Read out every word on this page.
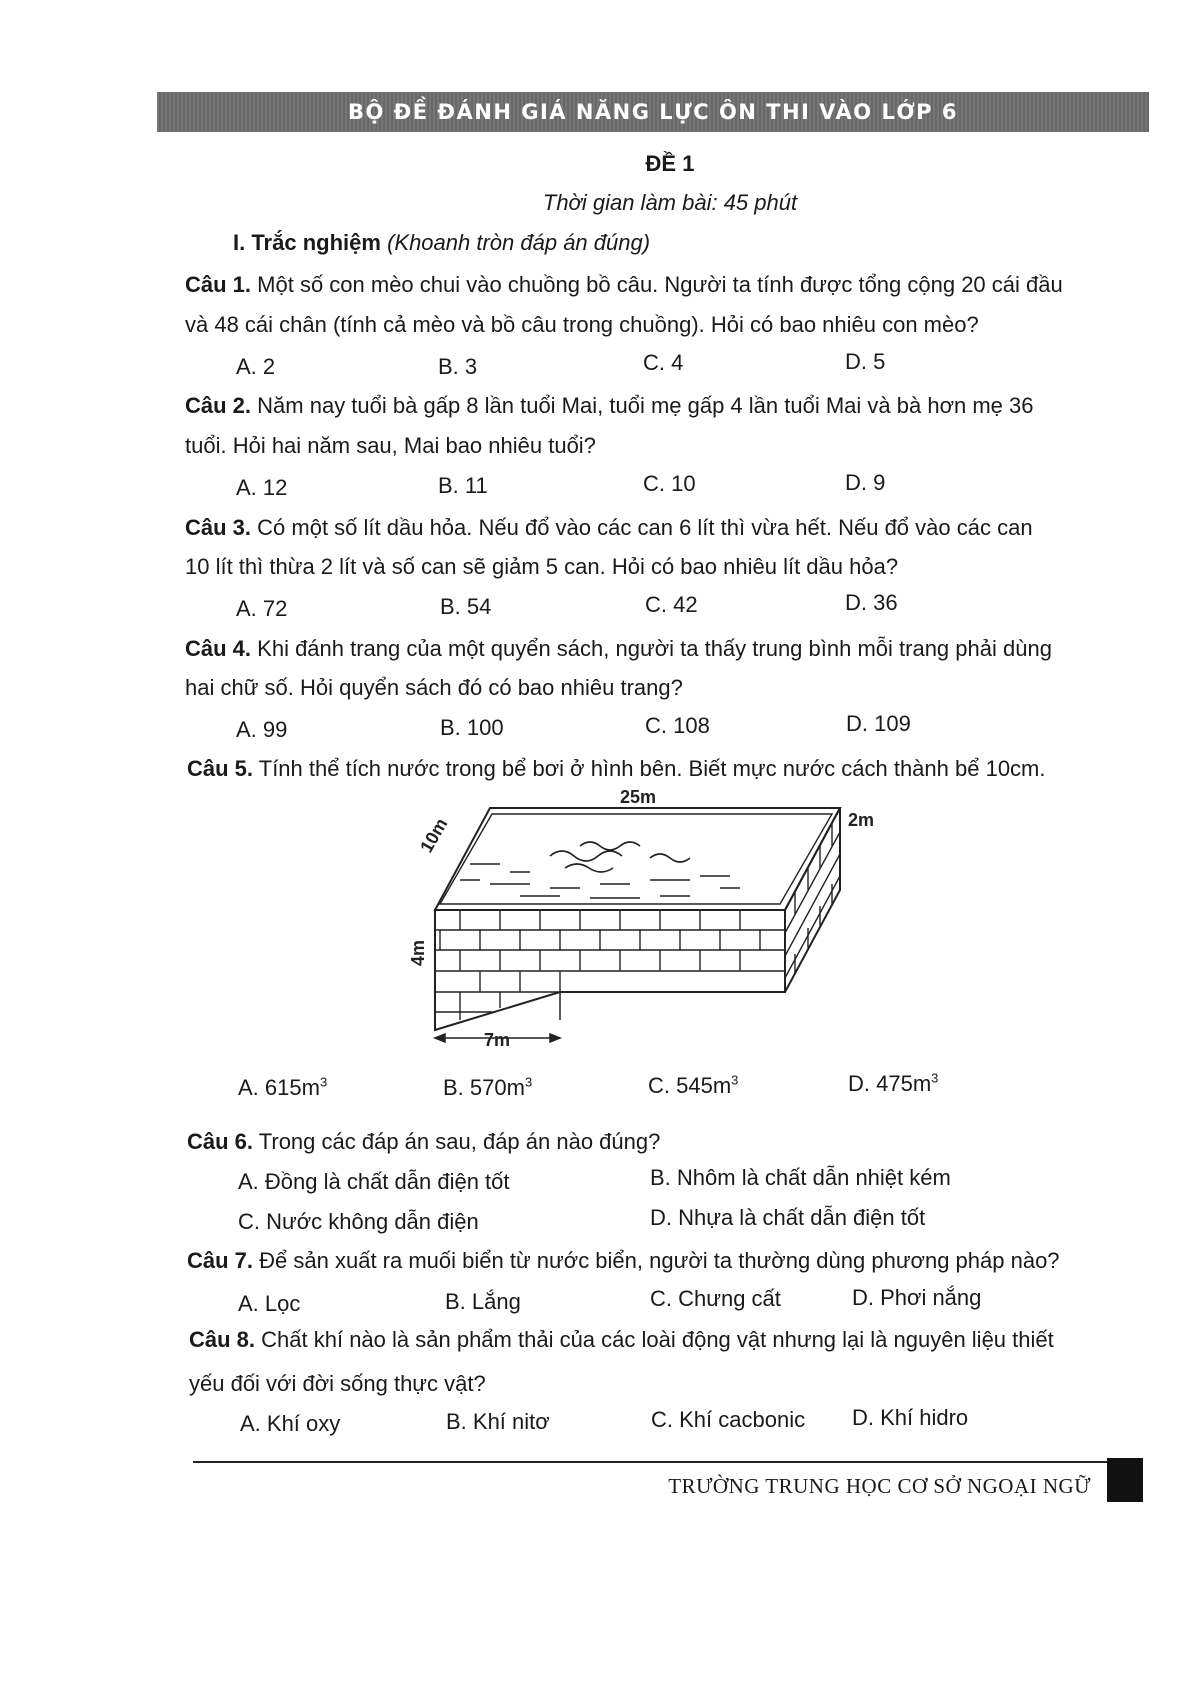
BỘ ĐỀ ĐÁNH GIÁ NĂNG LỰC ÔN THI VÀO LỚP 6
ĐỀ 1
Thời gian làm bài: 45 phút
I. Trắc nghiệm (Khoanh tròn đáp án đúng)
Câu 1. Một số con mèo chui vào chuồng bồ câu. Người ta tính được tổng cộng 20 cái đầu
và 48 cái chân (tính cả mèo và bồ câu trong chuồng). Hỏi có bao nhiêu con mèo?
A. 2	B. 3	C. 4	D. 5
Câu 2. Năm nay tuổi bà gấp 8 lần tuổi Mai, tuổi mẹ gấp 4 lần tuổi Mai và bà hơn mẹ 36
tuổi. Hỏi hai năm sau, Mai bao nhiêu tuổi?
A. 12	B. 11	C. 10	D. 9
Câu 3. Có một số lít dầu hỏa. Nếu đổ vào các can 6 lít thì vừa hết. Nếu đổ vào các can
10 lít thì thừa 2 lít và số can sẽ giảm 5 can. Hỏi có bao nhiêu lít dầu hỏa?
A. 72	B. 54	C. 42	D. 36
Câu 4. Khi đánh trang của một quyển sách, người ta thấy trung bình mỗi trang phải dùng
hai chữ số. Hỏi quyển sách đó có bao nhiêu trang?
A. 99	B. 100	C. 108	D. 109
Câu 5. Tính thể tích nước trong bể bơi ở hình bên. Biết mực nước cách thành bể 10cm.
25m
2m
10m
4m
7m
A. $615m^3$	B. $570m^3$	C. $545m^3$	D. $475m^3$
Câu 6. Trong các đáp án sau, đáp án nào đúng?
A. Đồng là chất dẫn điện tốt	B. Nhôm là chất dẫn nhiệt kém
C. Nước không dẫn điện	D. Nhựa là chất dẫn điện tốt
Câu 7. Để sản xuất ra muối biển từ nước biển, người ta thường dùng phương pháp nào?
A. Lọc	B. Lắng	C. Chưng cất	D. Phơi nắng
Câu 8. Chất khí nào là sản phẩm thải của các loài động vật nhưng lại là nguyên liệu thiết
yếu đối với đời sống thực vật?
A. Khí oxy	B. Khí nitơ	C. Khí cacbonic D. Khí hidro
TRƯỜNG TRUNG HỌC CƠ SỞ NGOẠI NGỮ
